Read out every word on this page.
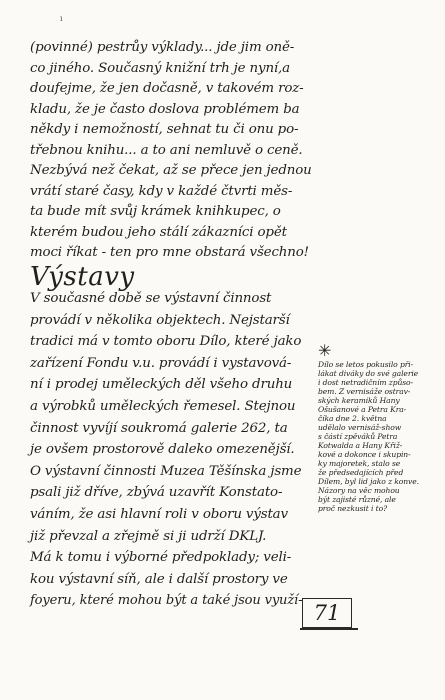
ı
(povinné) pestrůy výklady... jde jim oně-
co jiného. Současný knižní trh je nyní,a
doufejme, že jen dočasně, v takovém roz-
kladu, že je často doslova problémem ba
někdy i nemožností, sehnat tu či onu po-
třebnou knihu... a to ani nemluvě o ceně.
Nezbývá než čekat, až se přece jen jednou
vrátí staré časy, kdy v každé čtvrti měs-
ta bude mít svůj krámek knihkupec, o
kterém budou jeho stálí zákazníci opět
moci říkat - ten pro mne obstará všechno!
Výstavy
V současné době se výstavní činnost
provádí v několika objektech. Nejstarší
tradici má v tomto oboru Dílo, které jako
zařízení Fondu v.u. provádí i vystavová-
ní i prodej uměleckých děl všeho druhu
a výrobků uměleckých řemesel. Stejnou
činnost vyvíjí soukromá galerie 262, ta
je ovšem prostorově daleko omezenější.
O výstavní činnosti Muzea Těšínska jsme
psali již dříve, zbývá uzavřít Konstato-
váním, že asi hlavní roli v oboru výstav
již převzal a zřejmě si ji udrží DKLJ.
Má k tomu i výborné předpoklady; veli-
kou výstavní síň, ale i další prostory ve
foyeru, které mohou být a také jsou využí-
✳
Dílo se letos pokusilo při-
lákat diváky do své galerie
i dost netradičním způso-
bem. Z vernisáže ostrav-
ských keramiků Hany
Ošušanové a Petra Kra-
číka dne 2. května
udělalo vernisáž-show
s částí zpěváků Petra
Kotwalda a Hany Křiž-
kové a dokonce i skupin-
ky majoretek, stalo se
že předsedajících před
Dílem, byl lid jako z konve.
Názory na věc mohou
být zajisté různé, ale
proč nezkusit i to?
71
